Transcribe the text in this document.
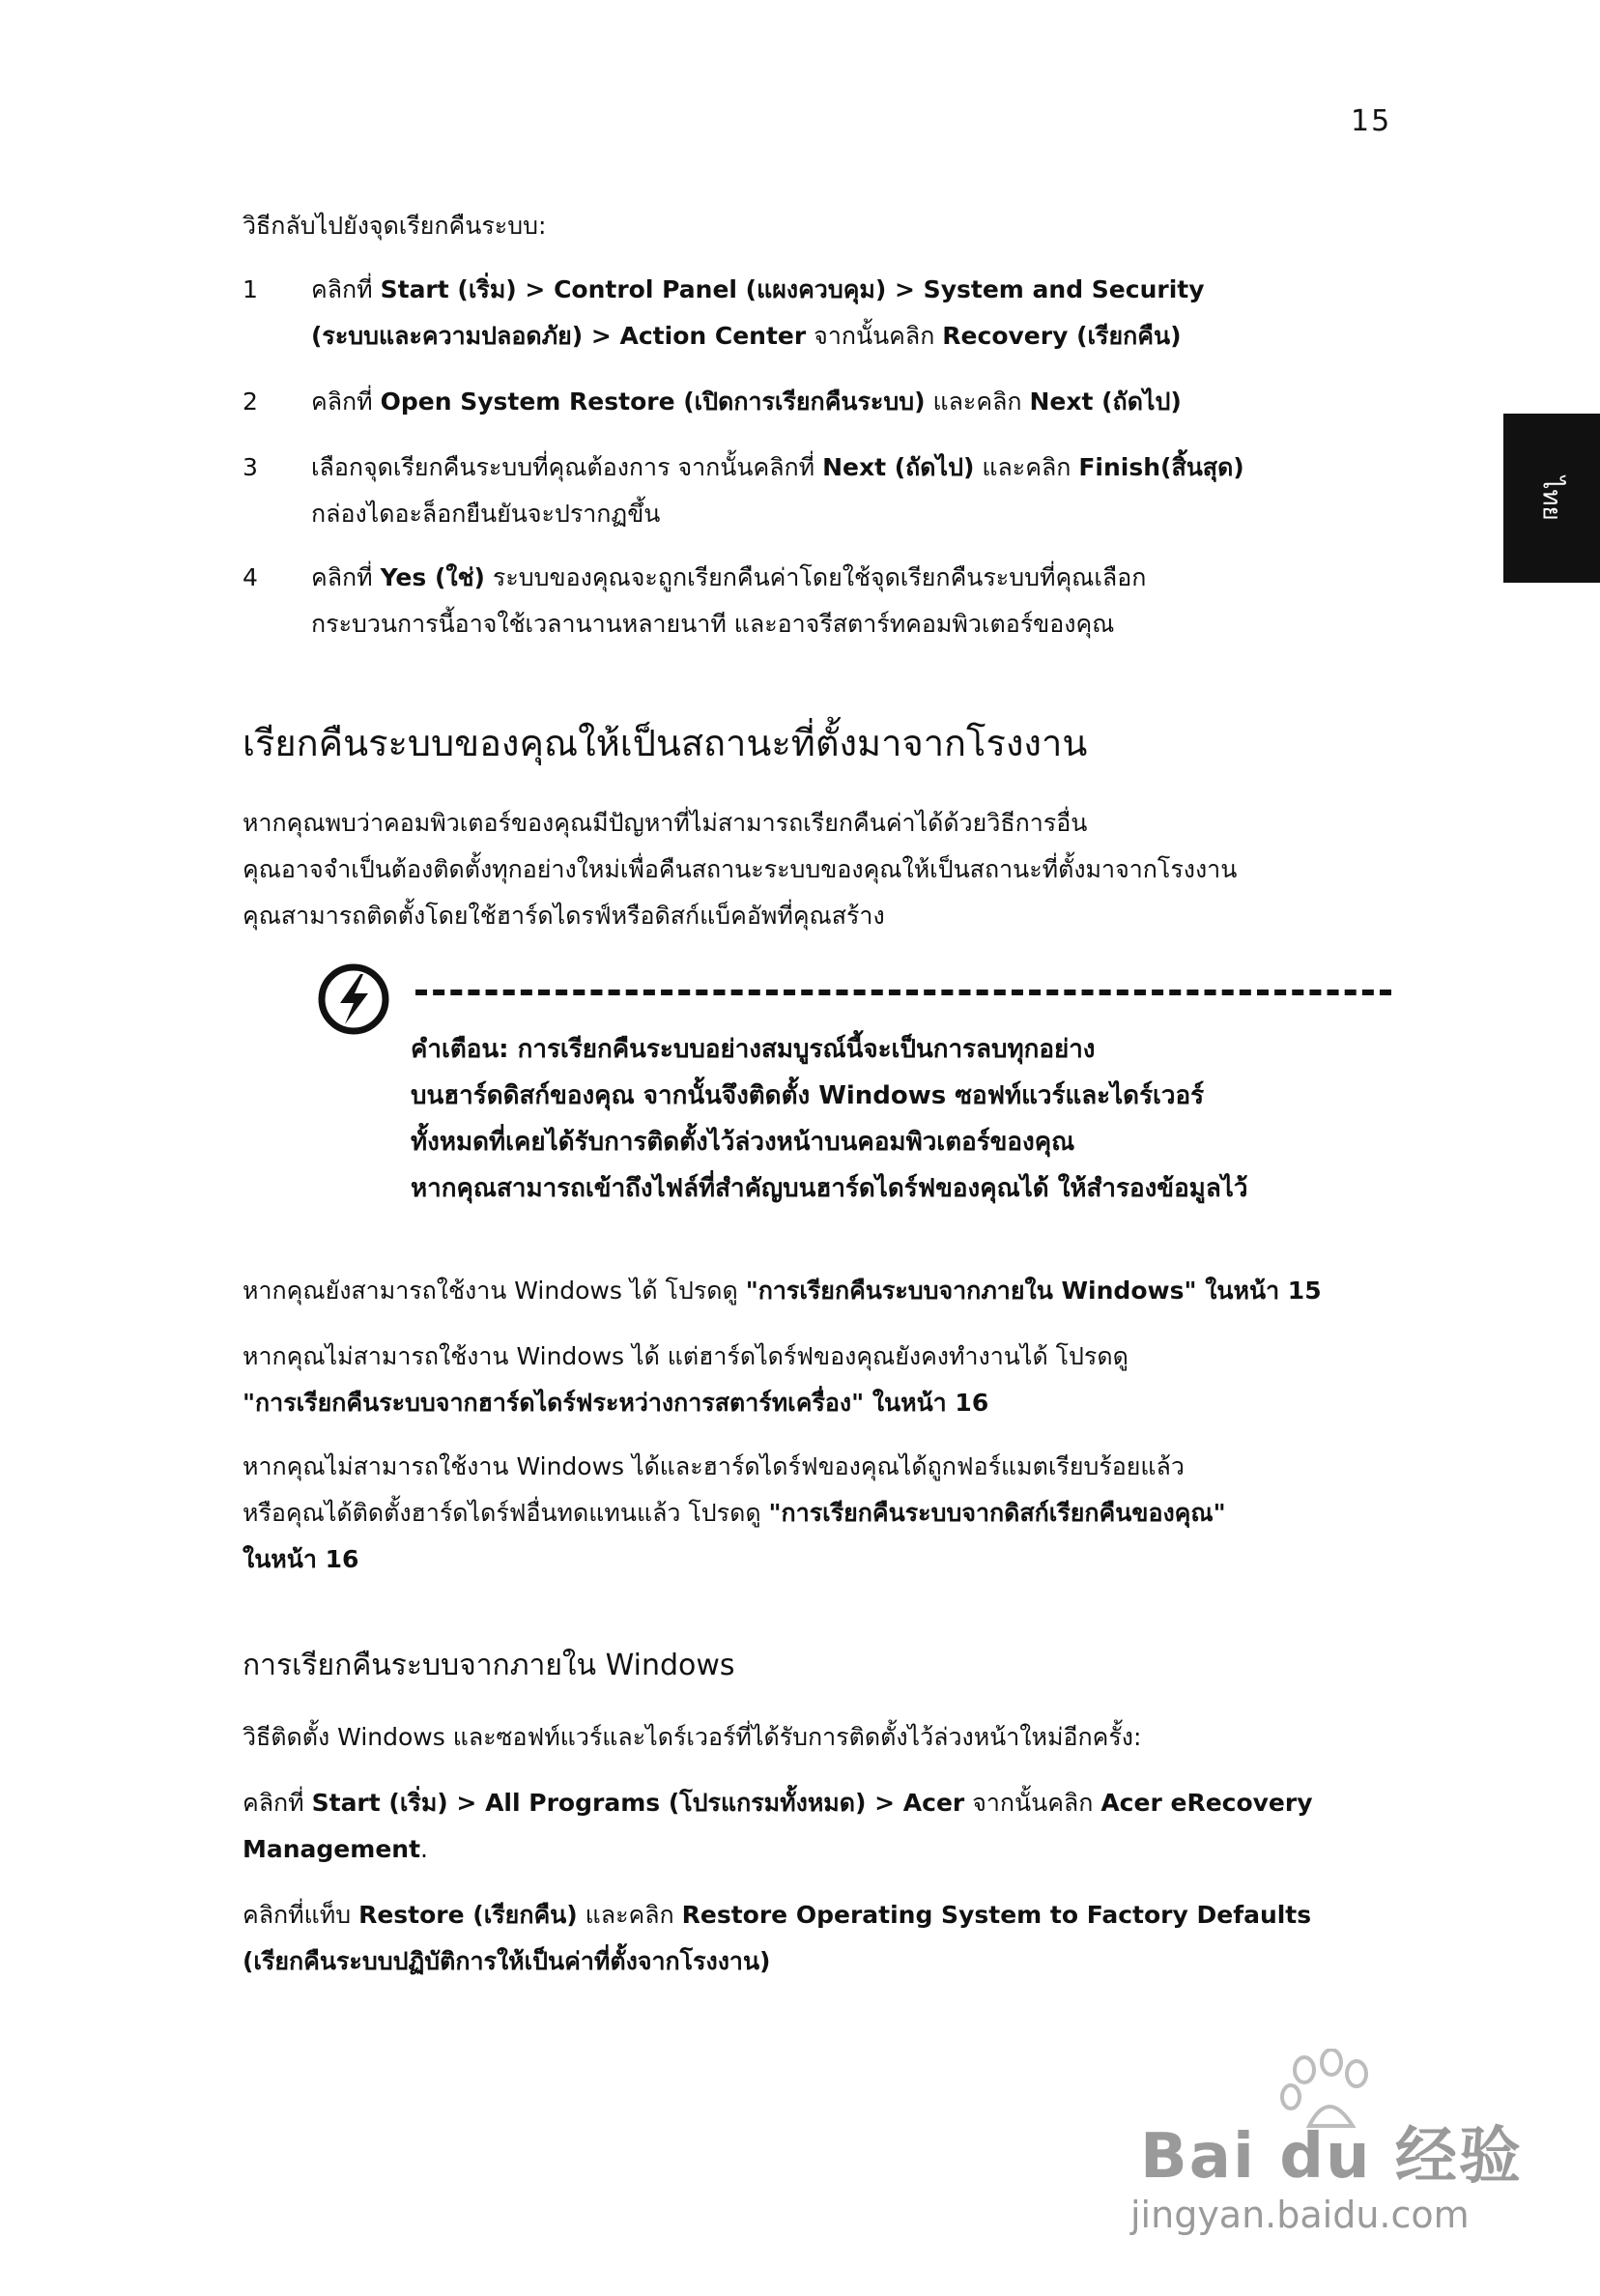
15
ไทย
วิธีกลับไปยังจุดเรียกคืนระบบ:
1	คลิกที่ Start (เริ่ม) > Control Panel (แผงควบคุม) > System and Security
(ระบบและความปลอดภัย) > Action Center จากนั้นคลิก Recovery (เรียกคืน)
2	คลิกที่ Open System Restore (เปิดการเรียกคืนระบบ) และคลิก Next (ถัดไป)
3	เลือกจุดเรียกคืนระบบที่คุณต้องการ จากนั้นคลิกที่ Next (ถัดไป) และคลิก Finish(สิ้นสุด)
กล่องไดอะล็อกยืนยันจะปรากฏขึ้น
4	คลิกที่ Yes (ใช่) ระบบของคุณจะถูกเรียกคืนค่าโดยใช้จุดเรียกคืนระบบที่คุณเลือก
กระบวนการนี้อาจใช้เวลานานหลายนาที และอาจรีสตาร์ทคอมพิวเตอร์ของคุณ
เรียกคืนระบบของคุณให้เป็นสถานะที่ตั้งมาจากโรงงาน
หากคุณพบว่าคอมพิวเตอร์ของคุณมีปัญหาที่ไม่สามารถเรียกคืนค่าได้ด้วยวิธีการอื่น
คุณอาจจำเป็นต้องติดตั้งทุกอย่างใหม่เพื่อคืนสถานะระบบของคุณให้เป็นสถานะที่ตั้งมาจากโรงงาน
คุณสามารถติดตั้งโดยใช้ฮาร์ดไดรฟ์หรือดิสก์แบ็คอัพที่คุณสร้าง
คำเตือน: การเรียกคืนระบบอย่างสมบูรณ์นี้จะเป็นการลบทุกอย่าง
บนฮาร์ดดิสก์ของคุณ จากนั้นจึงติดตั้ง Windows ซอฟท์แวร์และไดร์เวอร์
ทั้งหมดที่เคยได้รับการติดตั้งไว้ล่วงหน้าบนคอมพิวเตอร์ของคุณ
หากคุณสามารถเข้าถึงไฟล์ที่สำคัญบนฮาร์ดไดร์ฟของคุณได้ ให้สำรองข้อมูลไว้
หากคุณยังสามารถใช้งาน Windows ได้ โปรดดู "การเรียกคืนระบบจากภายใน Windows" ในหน้า 15
หากคุณไม่สามารถใช้งาน Windows ได้ แต่ฮาร์ดไดร์ฟของคุณยังคงทำงานได้ โปรดดู
"การเรียกคืนระบบจากฮาร์ดไดร์ฟระหว่างการสตาร์ทเครื่อง" ในหน้า 16
หากคุณไม่สามารถใช้งาน Windows ได้และฮาร์ดไดร์ฟของคุณได้ถูกฟอร์แมตเรียบร้อยแล้ว
หรือคุณได้ติดตั้งฮาร์ดไดร์ฟอื่นทดแทนแล้ว โปรดดู "การเรียกคืนระบบจากดิสก์เรียกคืนของคุณ"
ในหน้า 16
การเรียกคืนระบบจากภายใน Windows
วิธีติดตั้ง Windows และซอฟท์แวร์และไดร์เวอร์ที่ได้รับการติดตั้งไว้ล่วงหน้าใหม่อีกครั้ง:
คลิกที่ Start (เริ่ม) > All Programs (โปรแกรมทั้งหมด) > Acer จากนั้นคลิก Acer eRecovery
Management.
คลิกที่แท็บ Restore (เรียกคืน) และคลิก Restore Operating System to Factory Defaults
(เรียกคืนระบบปฏิบัติการให้เป็นค่าที่ตั้งจากโรงงาน)
Bai du 经验
jingyan.baidu.com
